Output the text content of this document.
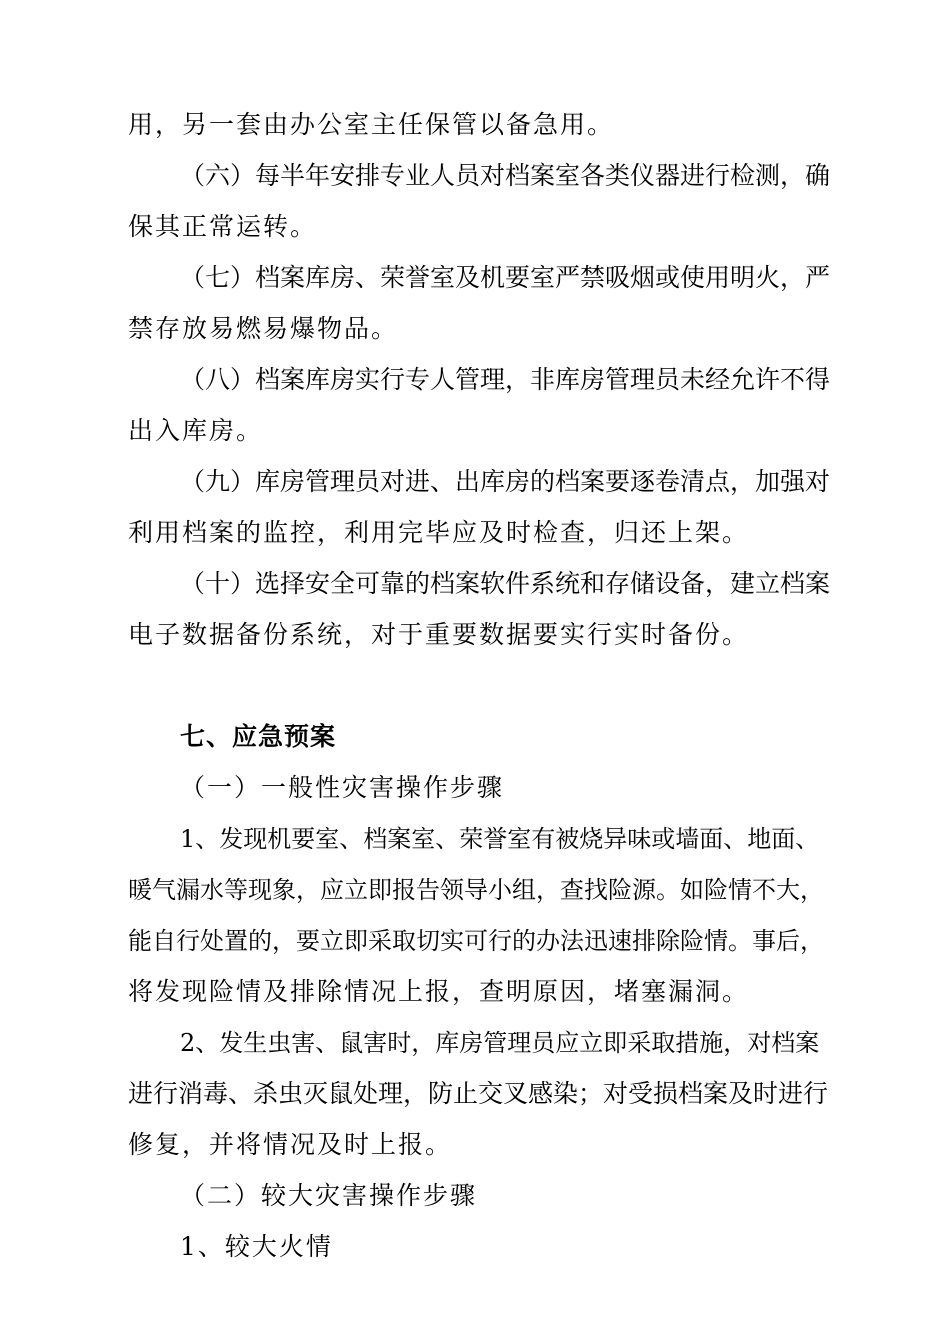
用，另一套由办公室主任保管以备急用。
（六）每半年安排专业人员对档案室各类仪器进行检测，确
保其正常运转。
（七）档案库房、荣誉室及机要室严禁吸烟或使用明火，严
禁存放易燃易爆物品。
（八）档案库房实行专人管理，非库房管理员未经允许不得
出入库房。
（九）库房管理员对进、出库房的档案要逐卷清点，加强对
利用档案的监控，利用完毕应及时检查，归还上架。
（十）选择安全可靠的档案软件系统和存储设备，建立档案
电子数据备份系统，对于重要数据要实行实时备份。
七、应急预案
（一）一般性灾害操作步骤
1、发现机要室、档案室、荣誉室有被烧异味或墙面、地面、
暖气漏水等现象，应立即报告领导小组，查找险源。如险情不大，
能自行处置的，要立即采取切实可行的办法迅速排除险情。事后，
将发现险情及排除情况上报，查明原因，堵塞漏洞。
2、发生虫害、鼠害时，库房管理员应立即采取措施，对档案
进行消毒、杀虫灭鼠处理，防止交叉感染；对受损档案及时进行
修复，并将情况及时上报。
（二）较大灾害操作步骤
1、较大火情
